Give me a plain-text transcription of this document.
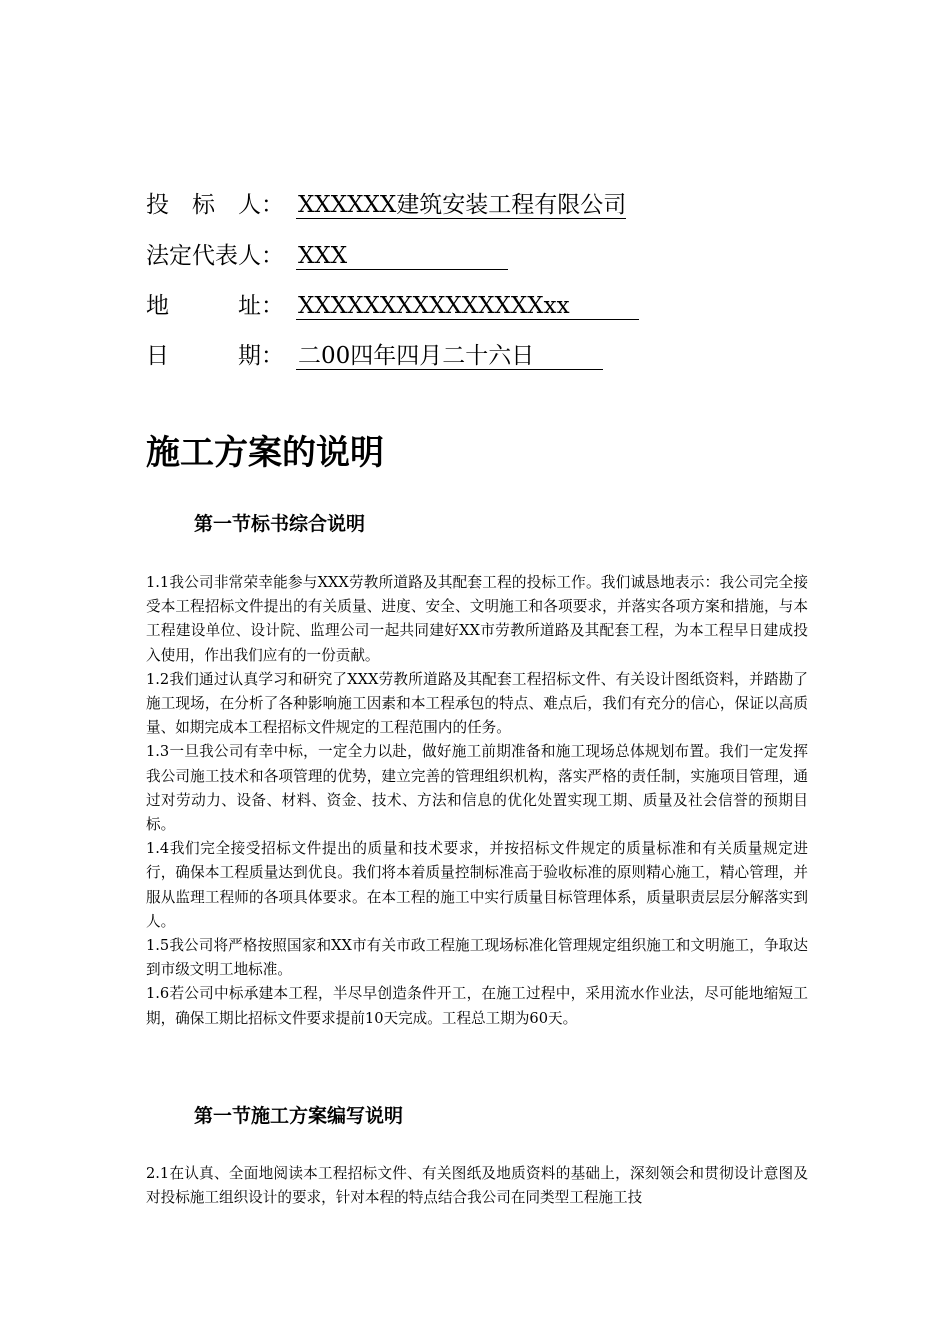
投　标　人： XXXXXX建筑安装工程有限公司
法定代表人： XXX　　　　　　　
地　　　址：XXXXXXXXXXXXXXXxx　　　
日　　　期：二00四年四月二十六日　　　
施工方案的说明
第一节标书综合说明

1.1我公司非常荣幸能参与XXX劳教所道路及其配套工程的投标工作。我们诚恳地表示：我公司完全接受本工程招标文件提出的有关质量、进度、安全、文明施工和各项要求，并落实各项方案和措施，与本工程建设单位、设计院、监理公司一起共同建好XX市劳教所道路及其配套工程，为本工程早日建成投入使用，作出我们应有的一份贡献。

1.2我们通过认真学习和研究了XXX劳教所道路及其配套工程招标文件、有关设计图纸资料，并踏勘了施工现场，在分析了各种影响施工因素和本工程承包的特点、难点后，我们有充分的信心，保证以高质量、如期完成本工程招标文件规定的工程范围内的任务。

1.3一旦我公司有幸中标，一定全力以赴，做好施工前期准备和施工现场总体规划布置。我们一定发挥我公司施工技术和各项管理的优势，建立完善的管理组织机构，落实严格的责任制，实施项目管理，通过对劳动力、设备、材料、资金、技术、方法和信息的优化处置实现工期、质量及社会信誉的预期目标。

1.4我们完全接受招标文件提出的质量和技术要求，并按招标文件规定的质量标准和有关质量规定进行，确保本工程质量达到优良。我们将本着质量控制标准高于验收标准的原则精心施工，精心管理，并服从监理工程师的各项具体要求。在本工程的施工中实行质量目标管理体系，质量职责层层分解落实到人。

1.5我公司将严格按照国家和XX市有关市政工程施工现场标准化管理规定组织施工和文明施工，争取达到市级文明工地标准。

1.6若公司中标承建本工程，半尽早创造条件开工，在施工过程中，采用流水作业法，尽可能地缩短工期，确保工期比招标文件要求提前10天完成。工程总工期为60天。

第一节施工方案编写说明

2.1在认真、全面地阅读本工程招标文件、有关图纸及地质资料的基础上，深刻领会和贯彻设计意图及对投标施工组织设计的要求，针对本程的特点结合我公司在同类型工程施工技
